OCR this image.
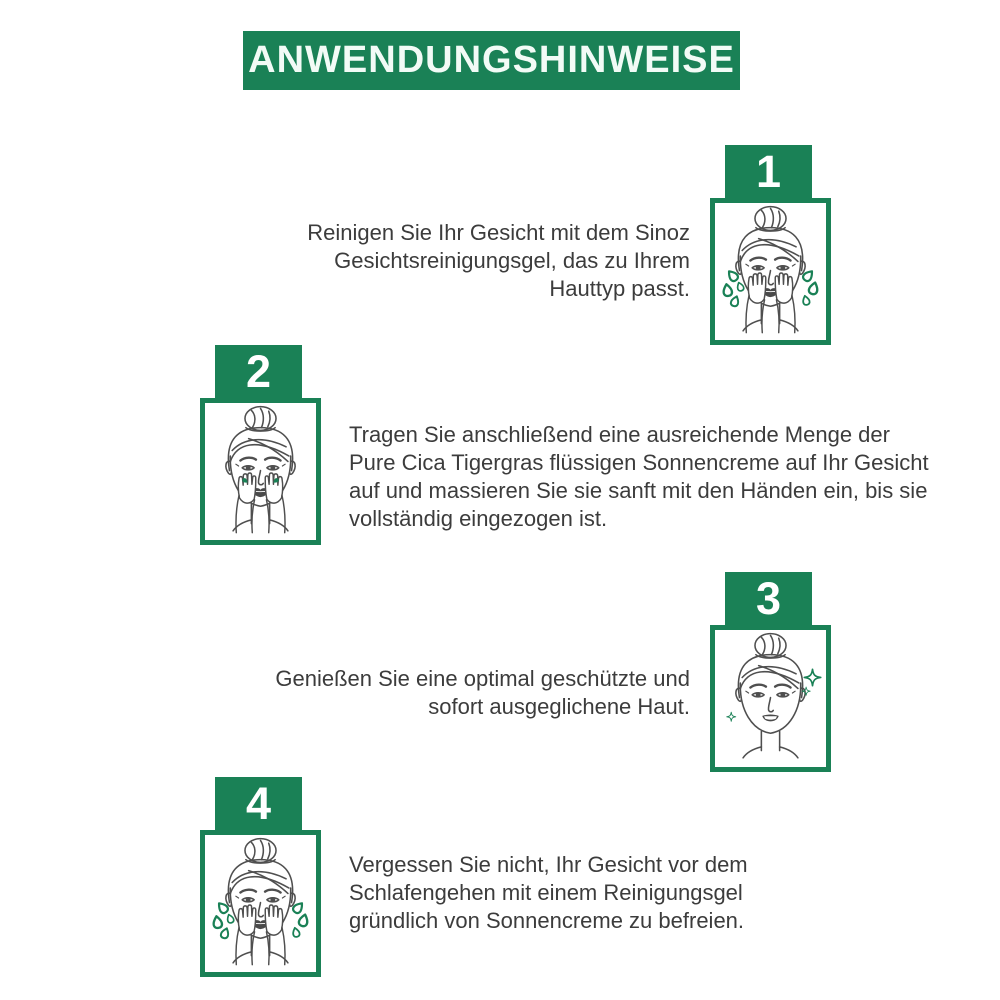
ANWENDUNGSHINWEISE

Reinigen Sie Ihr Gesicht mit dem Sinoz
Gesichtsreinigungsgel, das zu Ihrem
Hauttyp passt.

1
2

Tragen Sie anschließend eine ausreichende Menge der
Pure Cica Tigergras flüssigen Sonnencreme auf Ihr Gesicht
auf und massieren Sie sie sanft mit den Händen ein, bis sie
vollständig eingezogen ist.

Genießen Sie eine optimal geschützte und
sofort ausgeglichene Haut.

3
4

Vergessen Sie nicht, Ihr Gesicht vor dem
Schlafengehen mit einem Reinigungsgel
gründlich von Sonnencreme zu befreien.
